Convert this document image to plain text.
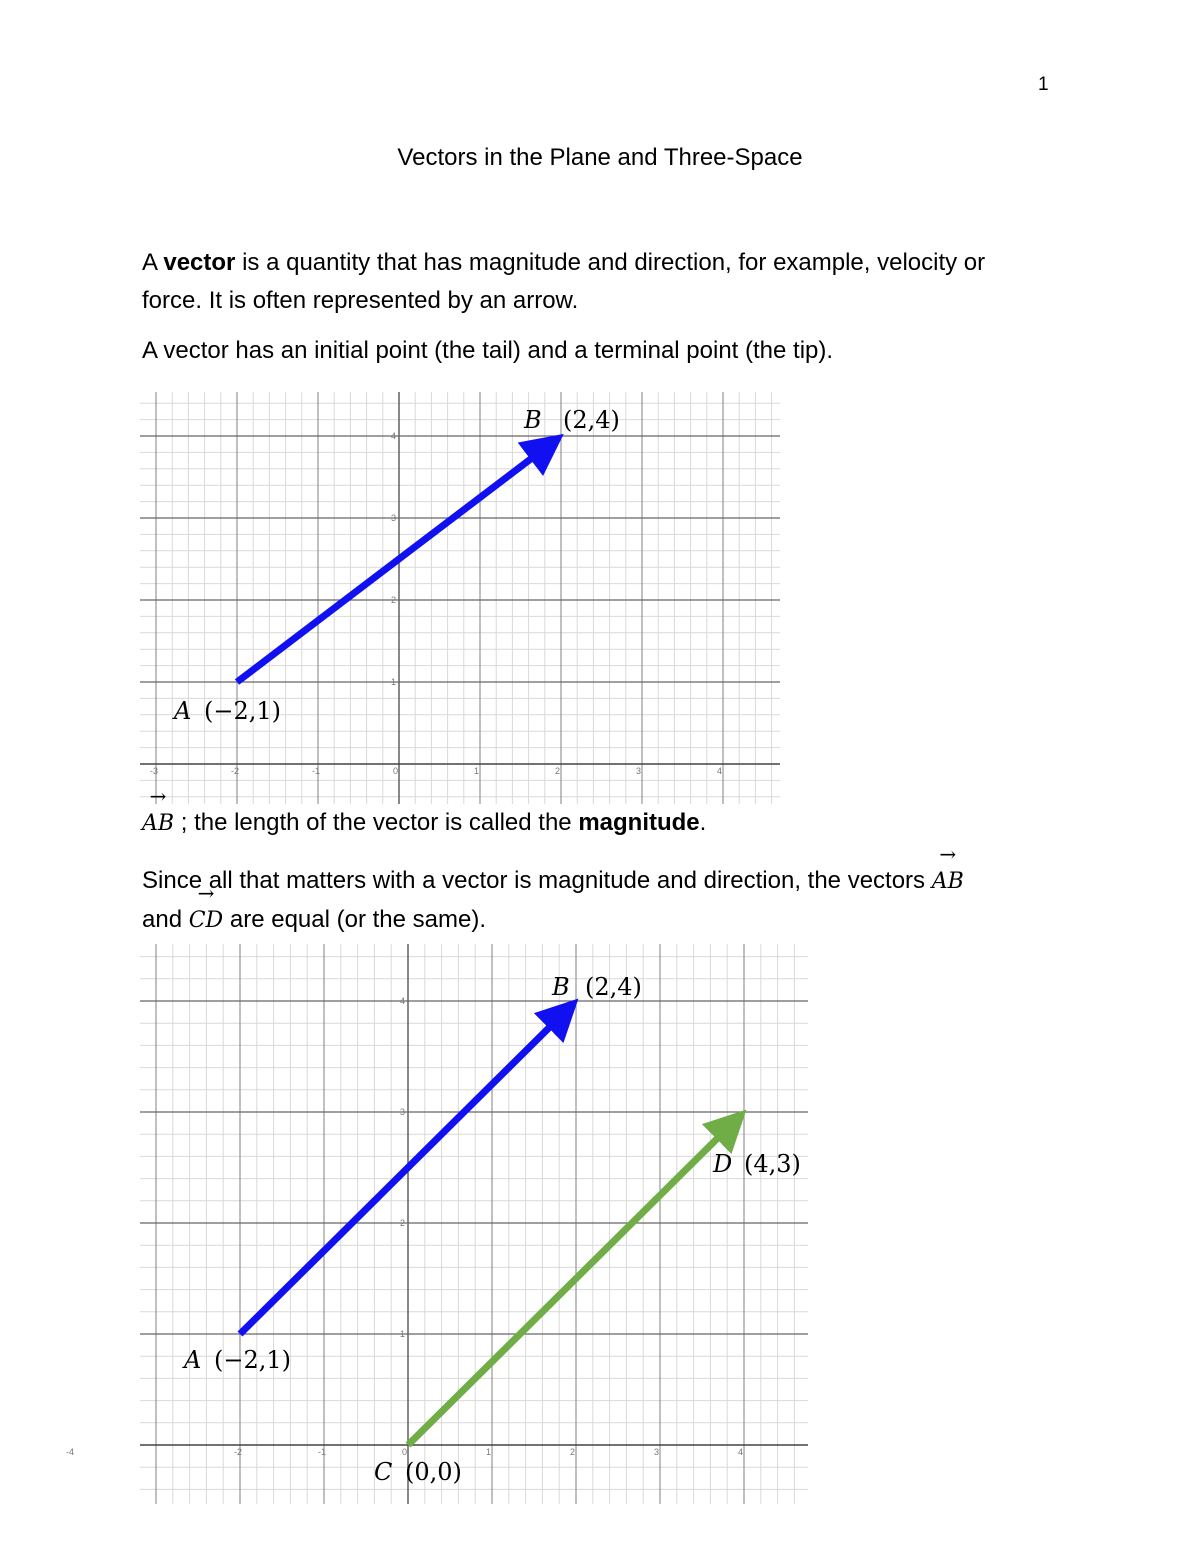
1
Vectors in the Plane and Three-Space
A vector is a quantity that has magnitude and direction, for example, velocity or
force. It is often represented by an arrow.
A vector has an initial point (the tail) and a terminal point (the tip).
-3	-2	-1	0	1	2	3	4
1
2
3
4
B (2,4)
A (−2,1)
→ AB ; the length of the vector is called the magnitude.
Since all that matters with a vector is magnitude and direction, the vectors → AB
and → CD are equal (or the same).
-4	-2	-1	0	1	2	3	4
1
2
3
4	B (2,4)
D (4,3)
A (−2,1)
C (0,0)
